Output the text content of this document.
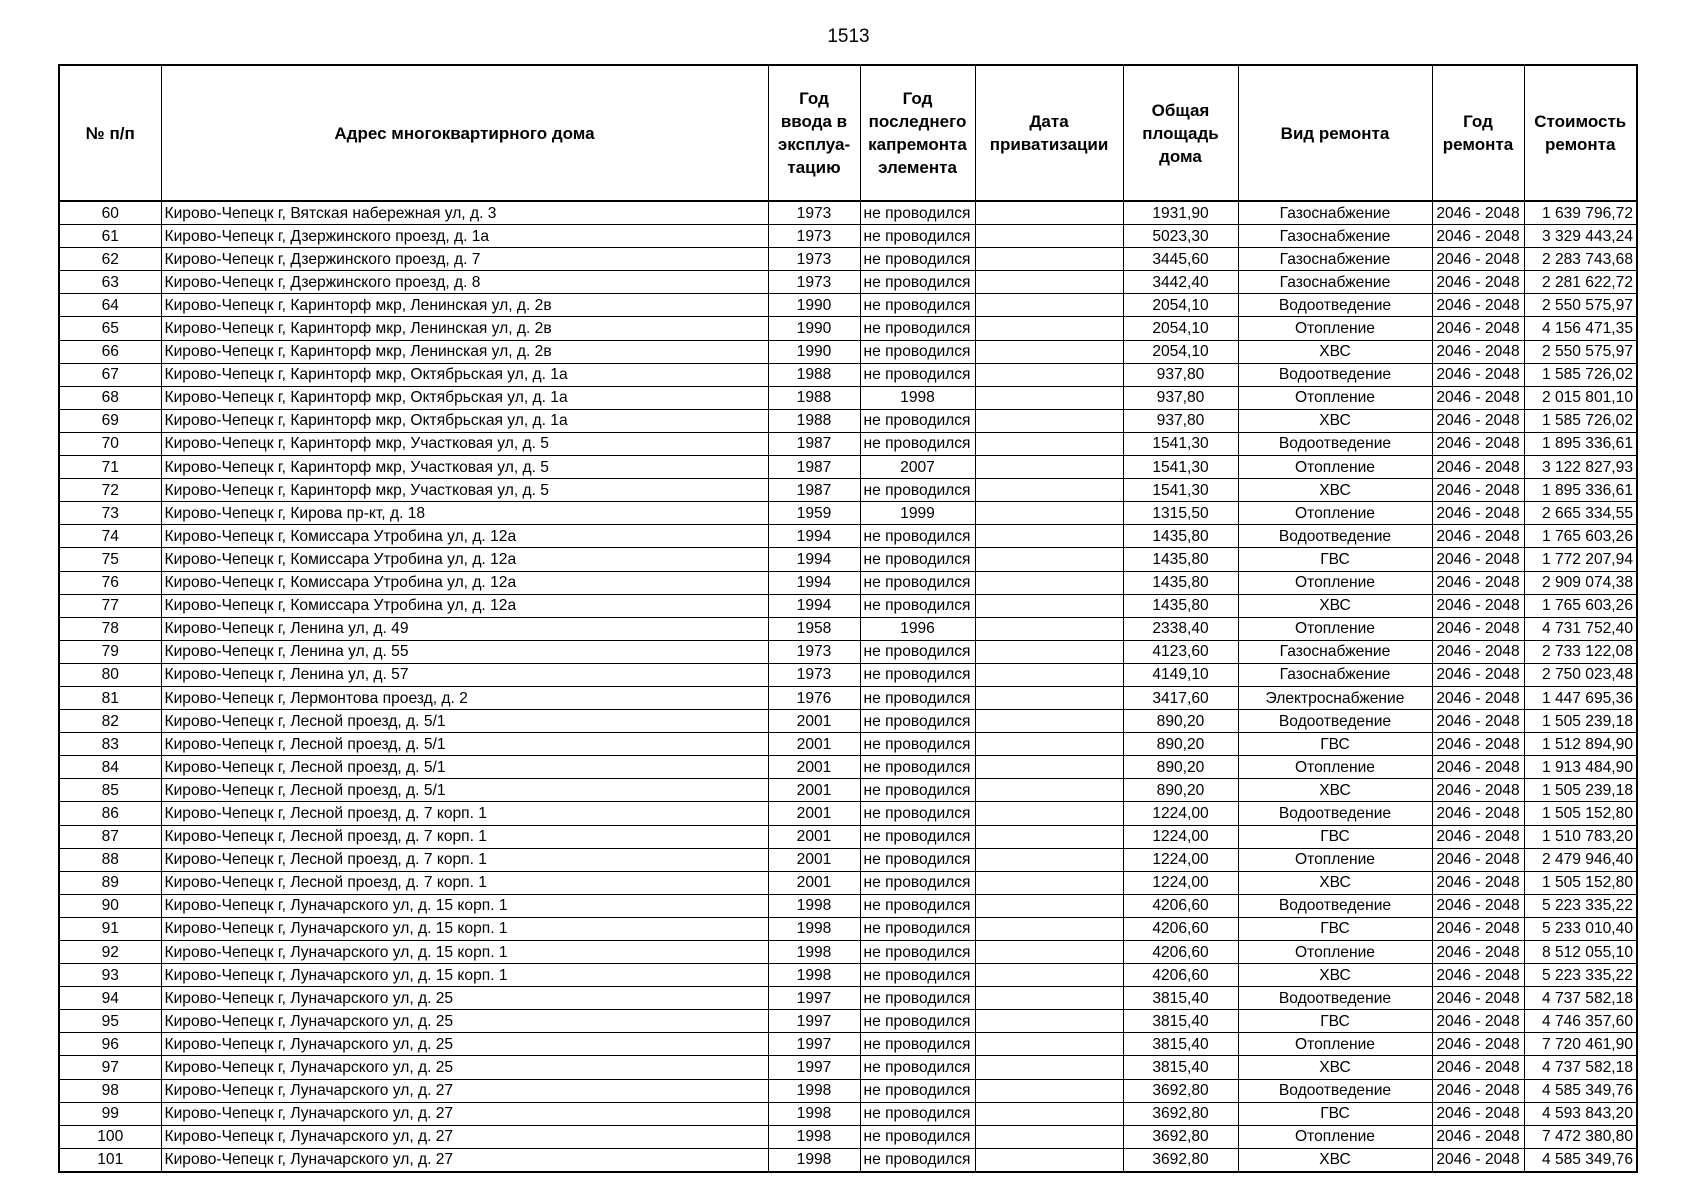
1513
№ п/п	Адрес многоквартирного дома	Год ввода в эксплуа-тацию	Год последнего капремонта элемента	Дата приватизации	Общая площадь дома	Вид ремонта	Год ремонта	Стоимость ремонта
60	Кирово-Чепецк г, Вятская набережная ул, д. 3	1973	не проводился		1931,90	Газоснабжение	2046 - 2048	1 639 796,72
61	Кирово-Чепецк г, Дзержинского проезд, д. 1а	1973	не проводился		5023,30	Газоснабжение	2046 - 2048	3 329 443,24
62	Кирово-Чепецк г, Дзержинского проезд, д. 7	1973	не проводился		3445,60	Газоснабжение	2046 - 2048	2 283 743,68
63	Кирово-Чепецк г, Дзержинского проезд, д. 8	1973	не проводился		3442,40	Газоснабжение	2046 - 2048	2 281 622,72
64	Кирово-Чепецк г, Каринторф мкр, Ленинская ул, д. 2в	1990	не проводился		2054,10	Водоотведение	2046 - 2048	2 550 575,97
65	Кирово-Чепецк г, Каринторф мкр, Ленинская ул, д. 2в	1990	не проводился		2054,10	Отопление	2046 - 2048	4 156 471,35
66	Кирово-Чепецк г, Каринторф мкр, Ленинская ул, д. 2в	1990	не проводился		2054,10	ХВС	2046 - 2048	2 550 575,97
67	Кирово-Чепецк г, Каринторф мкр, Октябрьская ул, д. 1а	1988	не проводился		937,80	Водоотведение	2046 - 2048	1 585 726,02
68	Кирово-Чепецк г, Каринторф мкр, Октябрьская ул, д. 1а	1988	1998		937,80	Отопление	2046 - 2048	2 015 801,10
69	Кирово-Чепецк г, Каринторф мкр, Октябрьская ул, д. 1а	1988	не проводился		937,80	ХВС	2046 - 2048	1 585 726,02
70	Кирово-Чепецк г, Каринторф мкр, Участковая ул, д. 5	1987	не проводился		1541,30	Водоотведение	2046 - 2048	1 895 336,61
71	Кирово-Чепецк г, Каринторф мкр, Участковая ул, д. 5	1987	2007		1541,30	Отопление	2046 - 2048	3 122 827,93
72	Кирово-Чепецк г, Каринторф мкр, Участковая ул, д. 5	1987	не проводился		1541,30	ХВС	2046 - 2048	1 895 336,61
73	Кирово-Чепецк г, Кирова пр-кт, д. 18	1959	1999		1315,50	Отопление	2046 - 2048	2 665 334,55
74	Кирово-Чепецк г, Комиссара Утробина ул, д. 12а	1994	не проводился		1435,80	Водоотведение	2046 - 2048	1 765 603,26
75	Кирово-Чепецк г, Комиссара Утробина ул, д. 12а	1994	не проводился		1435,80	ГВС	2046 - 2048	1 772 207,94
76	Кирово-Чепецк г, Комиссара Утробина ул, д. 12а	1994	не проводился		1435,80	Отопление	2046 - 2048	2 909 074,38
77	Кирово-Чепецк г, Комиссара Утробина ул, д. 12а	1994	не проводился		1435,80	ХВС	2046 - 2048	1 765 603,26
78	Кирово-Чепецк г, Ленина ул, д. 49	1958	1996		2338,40	Отопление	2046 - 2048	4 731 752,40
79	Кирово-Чепецк г, Ленина ул, д. 55	1973	не проводился		4123,60	Газоснабжение	2046 - 2048	2 733 122,08
80	Кирово-Чепецк г, Ленина ул, д. 57	1973	не проводился		4149,10	Газоснабжение	2046 - 2048	2 750 023,48
81	Кирово-Чепецк г, Лермонтова проезд, д. 2	1976	не проводился		3417,60	Электроснабжение	2046 - 2048	1 447 695,36
82	Кирово-Чепецк г, Лесной проезд, д. 5/1	2001	не проводился		890,20	Водоотведение	2046 - 2048	1 505 239,18
83	Кирово-Чепецк г, Лесной проезд, д. 5/1	2001	не проводился		890,20	ГВС	2046 - 2048	1 512 894,90
84	Кирово-Чепецк г, Лесной проезд, д. 5/1	2001	не проводился		890,20	Отопление	2046 - 2048	1 913 484,90
85	Кирово-Чепецк г, Лесной проезд, д. 5/1	2001	не проводился		890,20	ХВС	2046 - 2048	1 505 239,18
86	Кирово-Чепецк г, Лесной проезд, д. 7 корп. 1	2001	не проводился		1224,00	Водоотведение	2046 - 2048	1 505 152,80
87	Кирово-Чепецк г, Лесной проезд, д. 7 корп. 1	2001	не проводился		1224,00	ГВС	2046 - 2048	1 510 783,20
88	Кирово-Чепецк г, Лесной проезд, д. 7 корп. 1	2001	не проводился		1224,00	Отопление	2046 - 2048	2 479 946,40
89	Кирово-Чепецк г, Лесной проезд, д. 7 корп. 1	2001	не проводился		1224,00	ХВС	2046 - 2048	1 505 152,80
90	Кирово-Чепецк г, Луначарского ул, д. 15 корп. 1	1998	не проводился		4206,60	Водоотведение	2046 - 2048	5 223 335,22
91	Кирово-Чепецк г, Луначарского ул, д. 15 корп. 1	1998	не проводился		4206,60	ГВС	2046 - 2048	5 233 010,40
92	Кирово-Чепецк г, Луначарского ул, д. 15 корп. 1	1998	не проводился		4206,60	Отопление	2046 - 2048	8 512 055,10
93	Кирово-Чепецк г, Луначарского ул, д. 15 корп. 1	1998	не проводился		4206,60	ХВС	2046 - 2048	5 223 335,22
94	Кирово-Чепецк г, Луначарского ул, д. 25	1997	не проводился		3815,40	Водоотведение	2046 - 2048	4 737 582,18
95	Кирово-Чепецк г, Луначарского ул, д. 25	1997	не проводился		3815,40	ГВС	2046 - 2048	4 746 357,60
96	Кирово-Чепецк г, Луначарского ул, д. 25	1997	не проводился		3815,40	Отопление	2046 - 2048	7 720 461,90
97	Кирово-Чепецк г, Луначарского ул, д. 25	1997	не проводился		3815,40	ХВС	2046 - 2048	4 737 582,18
98	Кирово-Чепецк г, Луначарского ул, д. 27	1998	не проводился		3692,80	Водоотведение	2046 - 2048	4 585 349,76
99	Кирово-Чепецк г, Луначарского ул, д. 27	1998	не проводился		3692,80	ГВС	2046 - 2048	4 593 843,20
100	Кирово-Чепецк г, Луначарского ул, д. 27	1998	не проводился		3692,80	Отопление	2046 - 2048	7 472 380,80
101	Кирово-Чепецк г, Луначарского ул, д. 27	1998	не проводился		3692,80	ХВС	2046 - 2048	4 585 349,76
